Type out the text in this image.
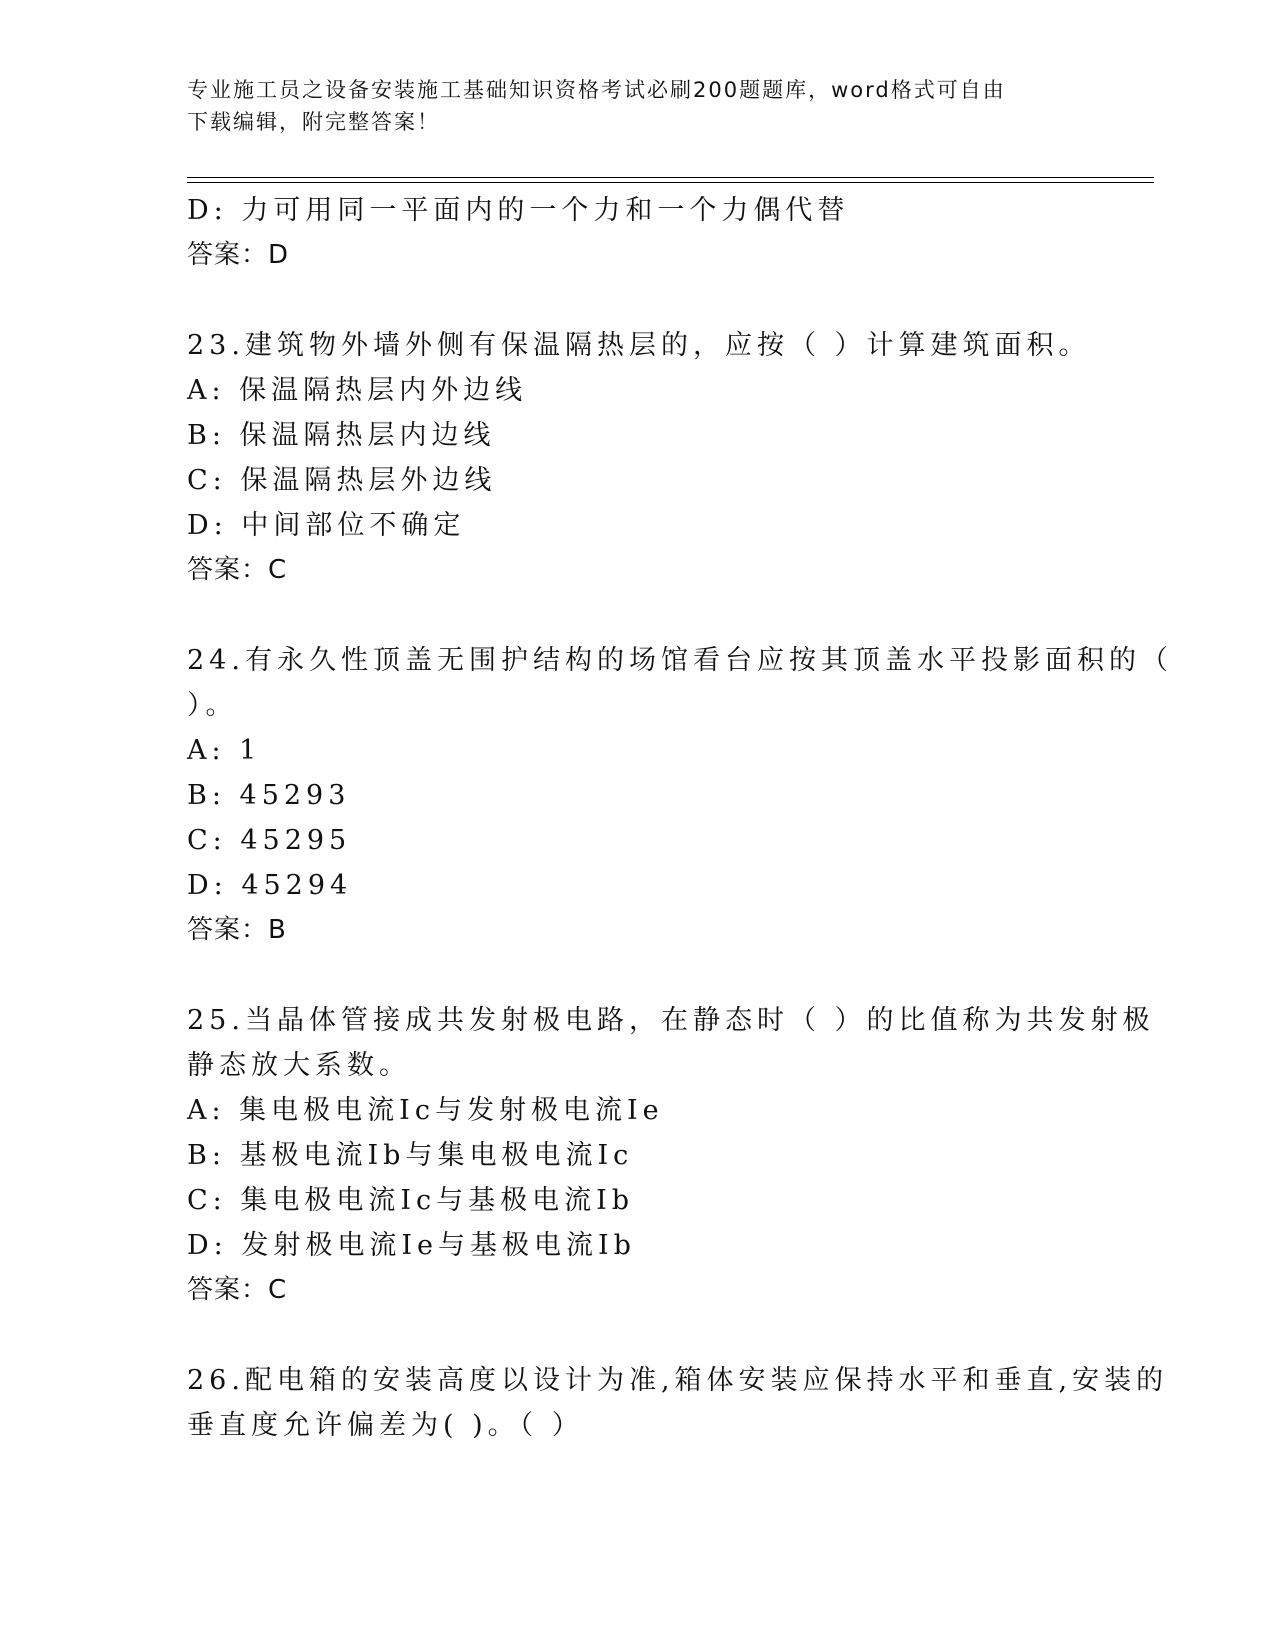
专业施工员之设备安装施工基础知识资格考试必刷200题题库，word格式可自由
下载编辑，附完整答案！
D: 力可用同一平面内的一个力和一个力偶代替
答案：D
23.建筑物外墙外侧有保温隔热层的，应按（ ）计算建筑面积。
A: 保温隔热层内外边线
B: 保温隔热层内边线
C: 保温隔热层外边线
D: 中间部位不确定
答案：C
24.有永久性顶盖无围护结构的场馆看台应按其顶盖水平投影面积的（
）。
A: 1
B: 45293
C: 45295
D: 45294
答案：B
25.当晶体管接成共发射极电路，在静态时（ ）的比值称为共发射极
静态放大系数。
A: 集电极电流Ic与发射极电流Ie
B: 基极电流Ib与集电极电流Ic
C: 集电极电流Ic与基极电流Ib
D: 发射极电流Ie与基极电流Ib
答案：C
26.配电箱的安装高度以设计为准,箱体安装应保持水平和垂直,安装的
垂直度允许偏差为( )。（ ）
